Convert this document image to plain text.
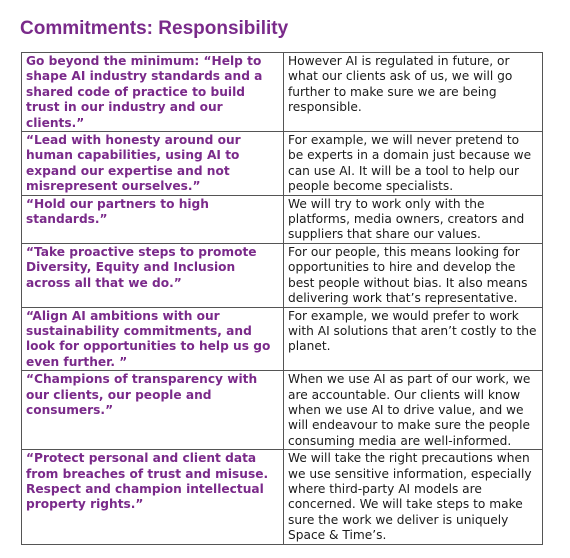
Commitments: Responsibility
Go beyond the minimum: “Help to shape AI industry standards and a shared code of practice to build trust in our industry and our clients.”	However AI is regulated in future, or what our clients ask of us, we will go further to make sure we are being responsible.
“Lead with honesty around our human capabilities, using AI to expand our expertise and not misrepresent ourselves.”	For example, we will never pretend to be experts in a domain just because we can use AI. It will be a tool to help our people become specialists.
“Hold our partners to high standards.”	We will try to work only with the platforms, media owners, creators and suppliers that share our values.
“Take proactive steps to promote Diversity, Equity and Inclusion across all that we do.”	For our people, this means looking for opportunities to hire and develop the best people without bias. It also means delivering work that’s representative.
“Align AI ambitions with our sustainability commitments, and look for opportunities to help us go even further. ”	For example, we would prefer to work with AI solutions that aren’t costly to the planet.
“Champions of transparency with our clients, our people and consumers.”	When we use AI as part of our work, we are accountable. Our clients will know when we use AI to drive value, and we will endeavour to make sure the people consuming media are well-informed.
“Protect personal and client data from breaches of trust and misuse. Respect and champion intellectual property rights.”	We will take the right precautions when we use sensitive information, especially where third-party AI models are concerned. We will take steps to make sure the work we deliver is uniquely Space & Time’s.
